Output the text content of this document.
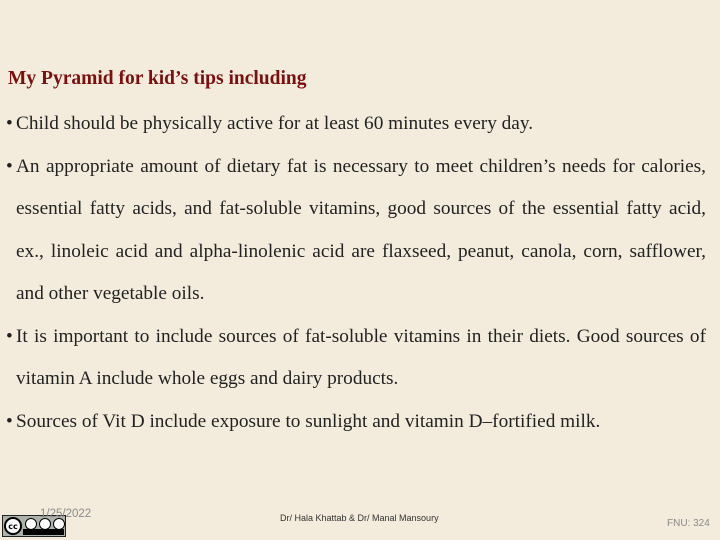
My Pyramid for kid’s tips including
• Child should be physically active for at least 60 minutes every day.
• An appropriate amount of dietary fat is necessary to meet children’s needs for calories, essential fatty acids, and fat-soluble vitamins, good sources of the essential fatty acid, ex., linoleic acid and alpha-linolenic acid are flaxseed, peanut, canola, corn, safflower, and other vegetable oils.
• It is important to include sources of fat-soluble vitamins in their diets. Good sources of vitamin A include whole eggs and dairy products.
• Sources of Vit D include exposure to sunlight and vitamin D–fortified milk.
cc
1/25/2022	Dr/ Hala Khattab & Dr/ Manal Mansoury	FNU: 324
